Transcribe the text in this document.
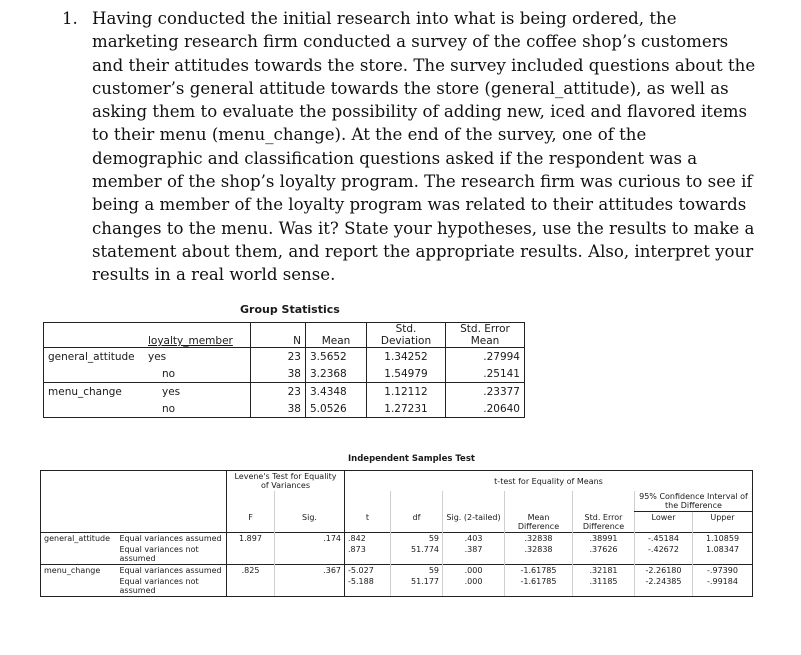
1. Having conducted the initial research into what is being ordered, the marketing research firm conducted a survey of the coffee shop’s customers and their attitudes towards the store. The survey included questions about the customer’s general attitude towards the store (general_attitude), as well as asking them to evaluate the possibility of adding new, iced and flavored items to their menu (menu_change). At the end of the survey, one of the demographic and classification questions asked if the respondent was a member of the shop’s loyalty program. The research firm was curious to see if being a member of the loyalty program was related to their attitudes towards changes to the menu. Was it? State your hypotheses, use the results to make a statement about them, and report the appropriate results. Also, interpret your results in a real world sense.
Group Statistics
	loyalty_member	N	Mean	Std. Deviation	Std. Error Mean
general_attitude	yes	23	3.5652	1.34252	.27994
	no	38	3.2368	1.54979	.25141
menu_change	yes	23	3.4348	1.12112	.23377
	no	38	5.0526	1.27231	.20640
Independent Samples Test
		Levene's Test for Equality of Variances		t-test for Equality of Means						
									95% Confidence Interval of the Difference	
		F	Sig.	t	df	Sig. (2-tailed)	Mean Difference	Std. Error Difference	Lower	Upper
general_attitude	Equal variances assumed	1.897	.174	.842	59	.403	.32838	.38991	-.45184	1.10859
	Equal variances not assumed			.873	51.774	.387	.32838	.37626	-.42672	1.08347
menu_change	Equal variances assumed	.825	.367	-5.027	59	.000	-1.61785	.32181	-2.26180	-.97390
	Equal variances not assumed			-5.188	51.177	.000	-1.61785	.31185	-2.24385	-.99184
